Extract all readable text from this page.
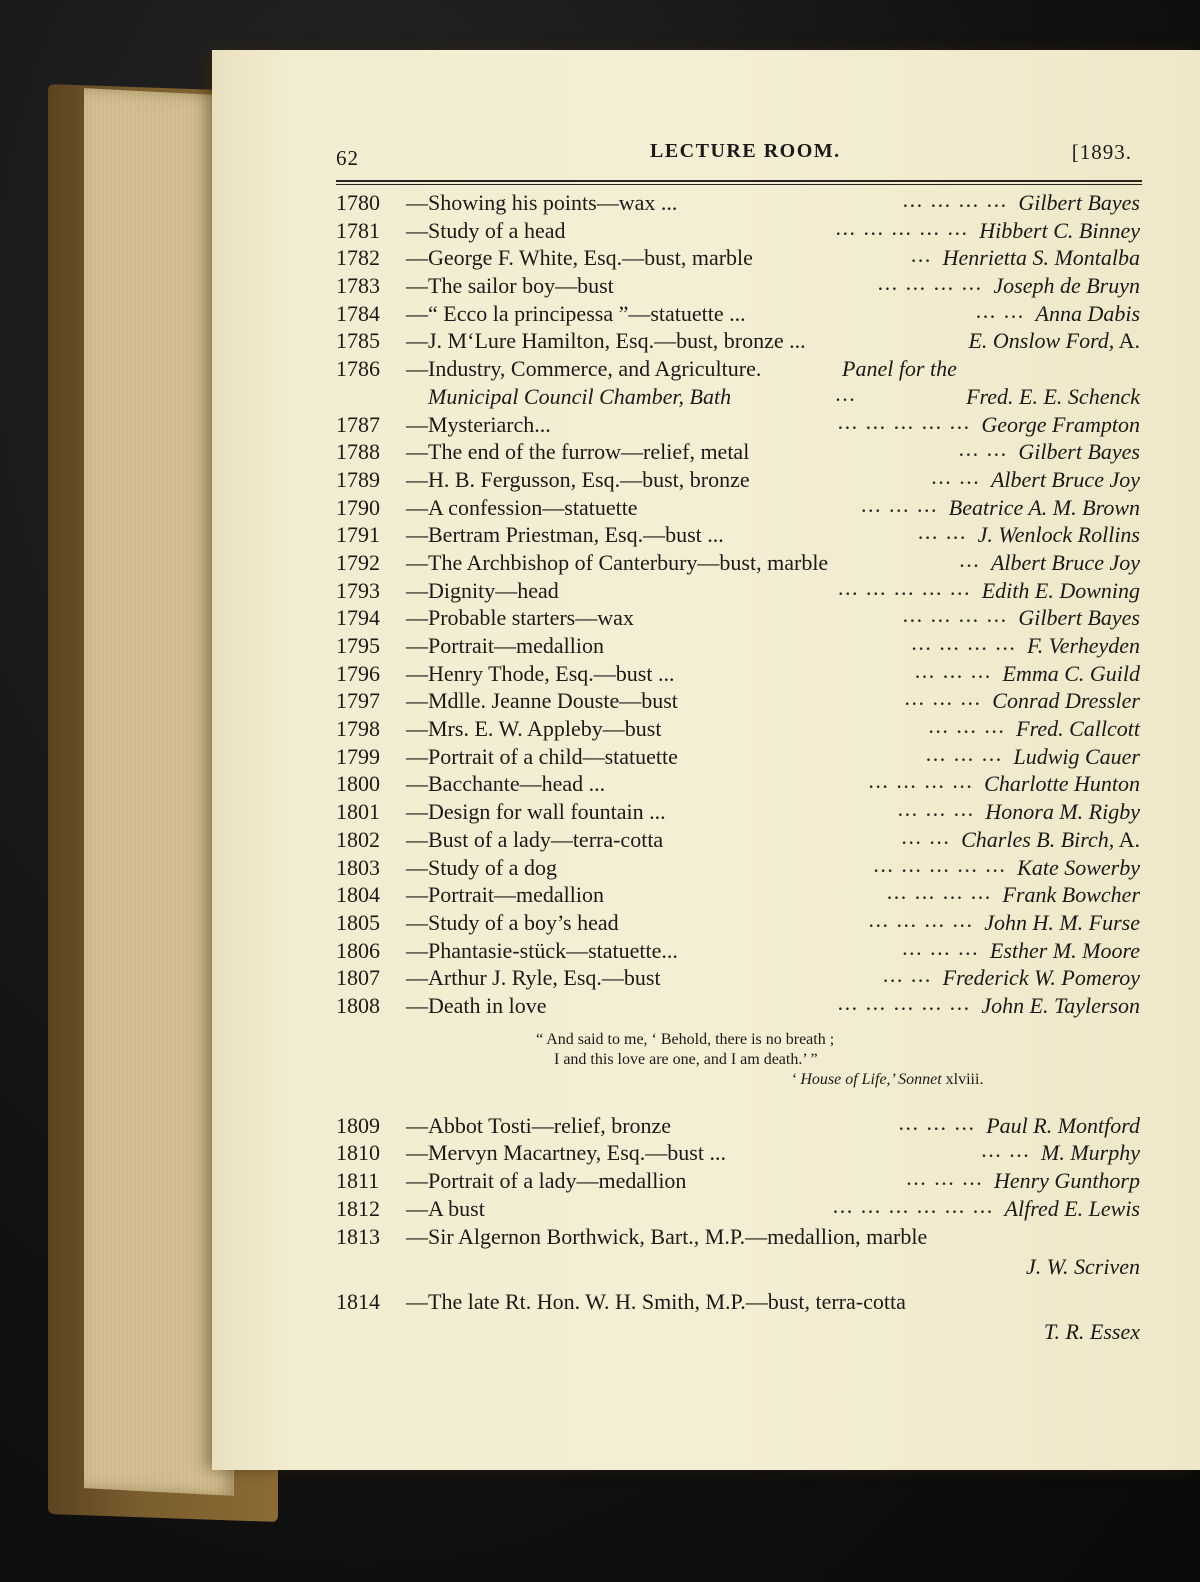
62	LECTURE ROOM.	[1893.
1780 —Showing his points—wax ...	... ... ... ... Gilbert Bayes
1781 —Study of a head	... ... ... ... ... Hibbert C. Binney
1782 —George F. White, Esq.—bust, marble	... Henrietta S. Montalba
1783 —The sailor boy—bust	... ... ... ... Joseph de Bruyn
1784 —“ Ecco la principessa ”—statuette ...	... ... Anna Dabis
1785 —J. M‘Lure Hamilton, Esq.—bust, bronze ...	E. Onslow Ford, A.
1786 —Industry, Commerce, and Agriculture.	Panel for the
Municipal Council Chamber, Bath	...	Fred. E. E. Schenck
1787 —Mysteriarch...	... ... ... ... ... George Frampton
1788 —The end of the furrow—relief, metal	... ... Gilbert Bayes
1789 —H. B. Fergusson, Esq.—bust, bronze	... ... Albert Bruce Joy
1790 —A confession—statuette	... ... ... Beatrice A. M. Brown
1791 —Bertram Priestman, Esq.—bust ...	... ... J. Wenlock Rollins
1792 —The Archbishop of Canterbury—bust, marble	... Albert Bruce Joy
1793 —Dignity—head	... ... ... ... ... Edith E. Downing
1794 —Probable starters—wax	... ... ... ... Gilbert Bayes
1795 —Portrait—medallion	... ... ... ... F. Verheyden
1796 —Henry Thode, Esq.—bust ...	... ... ... Emma C. Guild
1797 —Mdlle. Jeanne Douste—bust	... ... ... Conrad Dressler
1798 —Mrs. E. W. Appleby—bust	... ... ... Fred. Callcott
1799 —Portrait of a child—statuette	... ... ... Ludwig Cauer
1800 —Bacchante—head ...	... ... ... ... Charlotte Hunton
1801 —Design for wall fountain ...	... ... ... Honora M. Rigby
1802 —Bust of a lady—terra-cotta	... ... Charles B. Birch, A.
1803 —Study of a dog	... ... ... ... ... Kate Sowerby
1804 —Portrait—medallion	... ... ... ... Frank Bowcher
1805 —Study of a boy’s head	... ... ... ... John H. M. Furse
1806 —Phantasie-stück—statuette...	... ... ... Esther M. Moore
1807 —Arthur J. Ryle, Esq.—bust	... ... Frederick W. Pomeroy
1808 —Death in love	... ... ... ... ... John E. Taylerson
“ And said to me, ‘ Behold, there is no breath ;
I and this love are one, and I am death.’ ”
‘ House of Life,’ Sonnet xlviii.
1809 —Abbot Tosti—relief, bronze	... ... ... Paul R. Montford
1810 —Mervyn Macartney, Esq.—bust ...	... ... M. Murphy
1811 —Portrait of a lady—medallion	... ... ... Henry Gunthorp
1812 —A bust	... ... ... ... ... ... Alfred E. Lewis
1813 —Sir Algernon Borthwick, Bart., M.P.—medallion, marble
J. W. Scriven
1814 —The late Rt. Hon. W. H. Smith, M.P.—bust, terra-cotta
T. R. Essex
